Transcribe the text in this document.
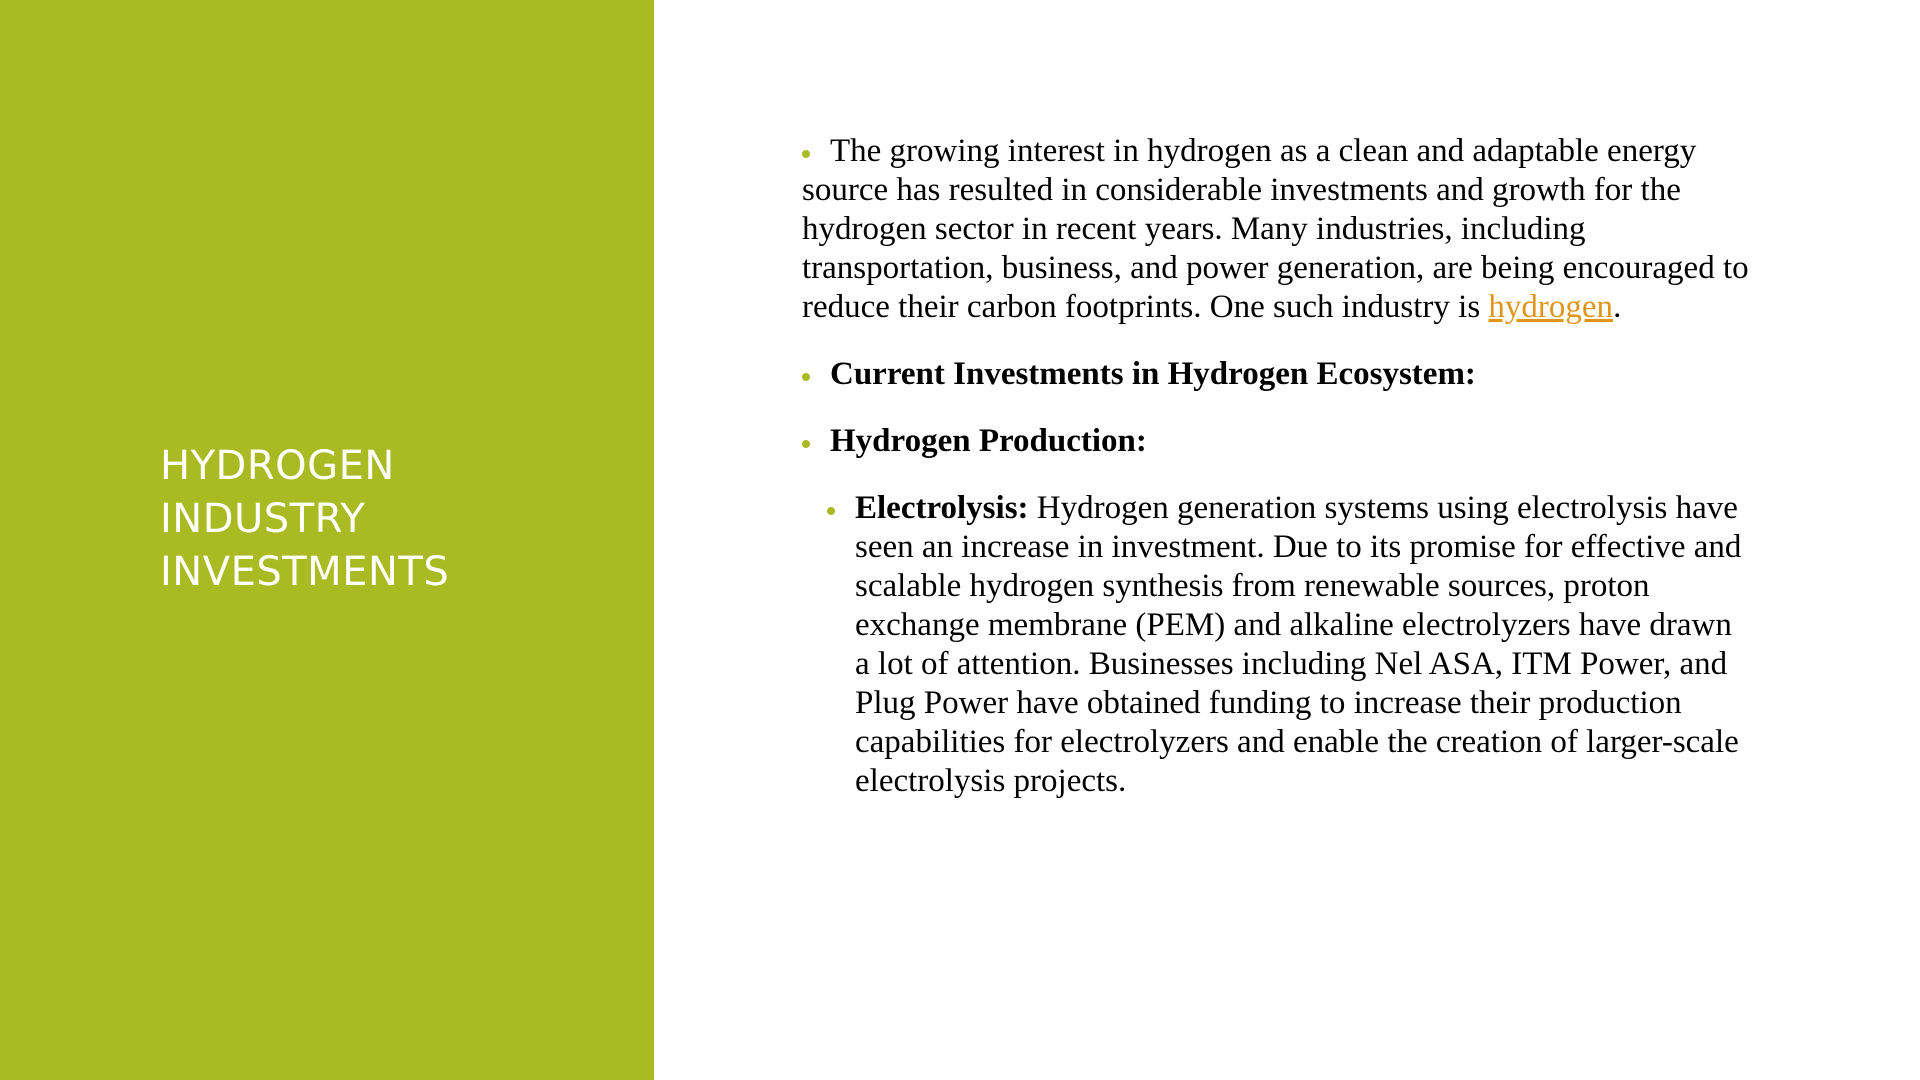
HYDROGEN
INDUSTRY
INVESTMENTS

The growing interest in hydrogen as a clean and adaptable energy source has resulted in considerable investments and growth for the hydrogen sector in recent years. Many industries, including transportation, business, and power generation, are being encouraged to reduce their carbon footprints. One such industry is hydrogen.

Current Investments in Hydrogen Ecosystem:

Hydrogen Production:

Electrolysis: Hydrogen generation systems using electrolysis have seen an increase in investment. Due to its promise for effective and scalable hydrogen synthesis from renewable sources, proton exchange membrane (PEM) and alkaline electrolyzers have drawn a lot of attention. Businesses including Nel ASA, ITM Power, and Plug Power have obtained funding to increase their production capabilities for electrolyzers and enable the creation of larger-scale electrolysis projects.
